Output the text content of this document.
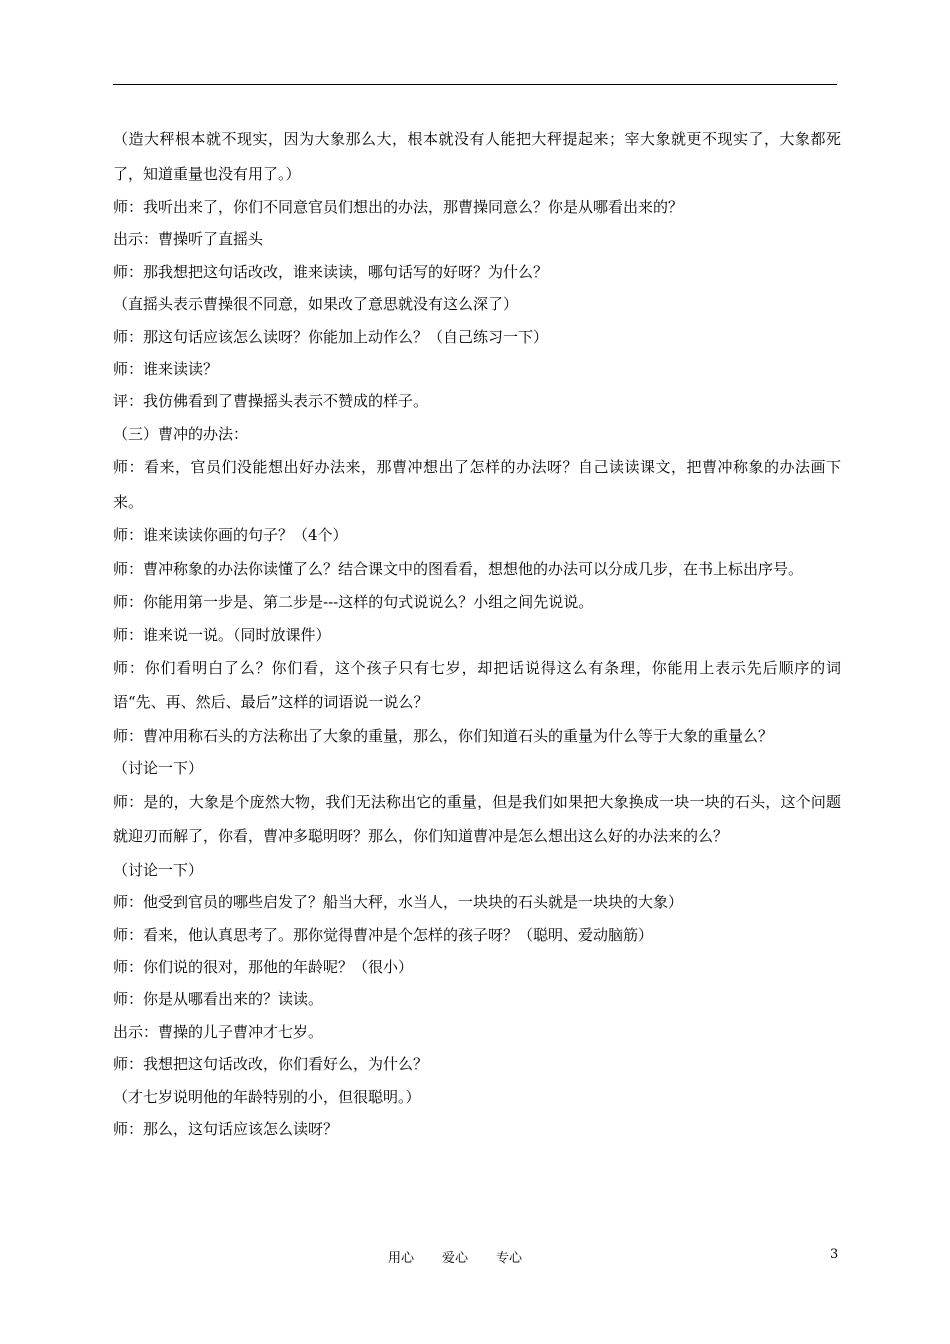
（造大秤根本就不现实，因为大象那么大，根本就没有人能把大秤提起来；宰大象就更不现实了，大象都死了，知道重量也没有用了。）

师：我听出来了，你们不同意官员们想出的办法，那曹操同意么？你是从哪看出来的？

出示：曹操听了直摇头

师：那我想把这句话改改，谁来读读，哪句话写的好呀？为什么？

（直摇头表示曹操很不同意，如果改了意思就没有这么深了）

师：那这句话应该怎么读呀？你能加上动作么？（自己练习一下）

师：谁来读读？

评：我仿佛看到了曹操摇头表示不赞成的样子。

（三）曹冲的办法：

师：看来，官员们没能想出好办法来，那曹冲想出了怎样的办法呀？自己读读课文，把曹冲称象的办法画下来。

师：谁来读读你画的句子？（4个）

师：曹冲称象的办法你读懂了么？结合课文中的图看看，想想他的办法可以分成几步，在书上标出序号。

师：你能用第一步是、第二步是---这样的句式说说么？小组之间先说说。

师：谁来说一说。（同时放课件）

师：你们看明白了么？你们看，这个孩子只有七岁，却把话说得这么有条理，你能用上表示先后顺序的词语“先、再、然后、最后”这样的词语说一说么？

师：曹冲用称石头的方法称出了大象的重量，那么，你们知道石头的重量为什么等于大象的重量么？

（讨论一下）

师：是的，大象是个庞然大物，我们无法称出它的重量，但是我们如果把大象换成一块一块的石头，这个问题就迎刃而解了，你看，曹冲多聪明呀？那么，你们知道曹冲是怎么想出这么好的办法来的么？

（讨论一下）

师：他受到官员的哪些启发了？船当大秤，水当人，一块块的石头就是一块块的大象）

师：看来，他认真思考了。那你觉得曹冲是个怎样的孩子呀？（聪明、爱动脑筋）

师：你们说的很对，那他的年龄呢？（很小）

师：你是从哪看出来的？读读。

出示：曹操的儿子曹冲才七岁。

师：我想把这句话改改，你们看好么，为什么？

（才七岁说明他的年龄特别的小，但很聪明。）

师：那么，这句话应该怎么读呀？

用心 爱心 专心	3
